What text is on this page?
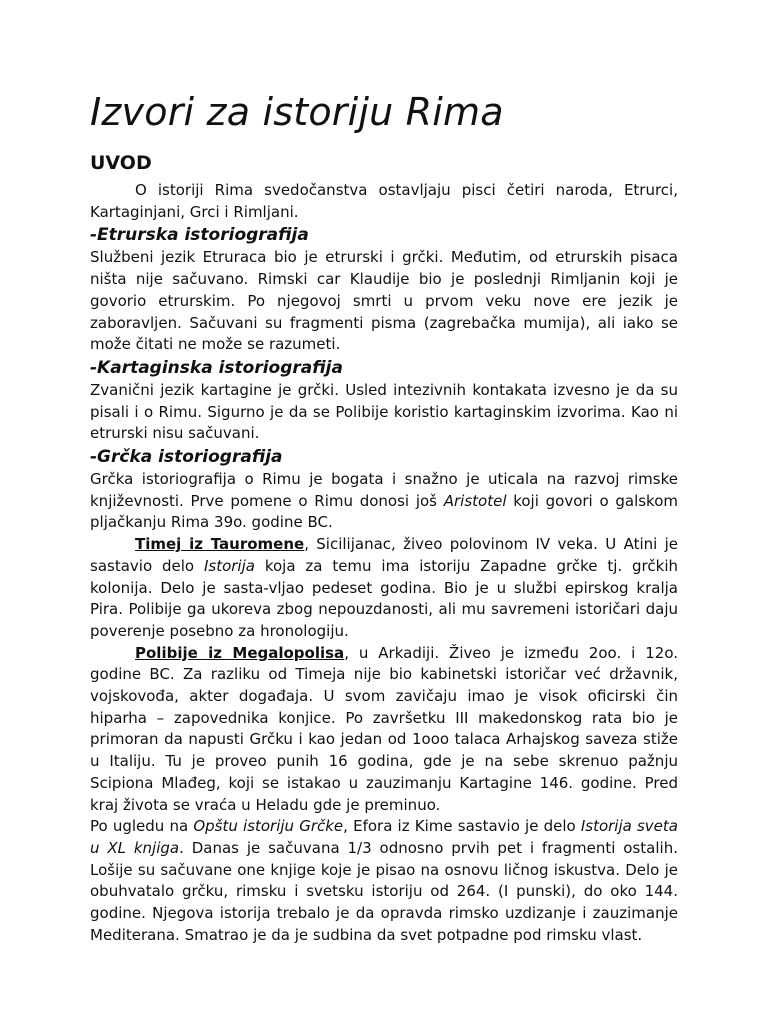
Izvori za istoriju Rima
UVOD

O istoriji Rima svedočanstva ostavljaju pisci četiri naroda, Etrurci, Kartaginjani, Grci i Rimljani.

-Etrurska istoriografija

Službeni jezik Etruraca bio je etrurski i grčki. Međutim, od etrurskih pisaca ništa nije sačuvano. Rimski car Klaudije bio je poslednji Rimljanin koji je govorio etrurskim. Po njegovoj smrti u prvom veku nove ere jezik je zaboravljen. Sačuvani su fragmenti pisma (zagrebačka mumija), ali iako se može čitati ne može se razumeti.

-Kartaginska istoriografija

Zvanični jezik kartagine je grčki. Usled intezivnih kontakata izvesno je da su pisali i o Rimu. Sigurno je da se Polibije koristio kartaginskim izvorima. Kao ni etrurski nisu sačuvani.

-Grčka istoriografija

Grčka istoriografija o Rimu je bogata i snažno je uticala na razvoj rimske književnosti. Prve pomene o Rimu donosi još Aristotel koji govori o galskom pljačkanju Rima 39o. godine BC.

Timej iz Tauromene, Sicilijanac, živeo polovinom IV veka. U Atini je sastavio delo Istorija koja za temu ima istoriju Zapadne grčke tj. grčkih kolonija. Delo je sasta-vljao pedeset godina. Bio je u službi epirskog kralja Pira. Polibije ga ukoreva zbog nepouzdanosti, ali mu savremeni istoričari daju poverenje posebno za hronologiju.

Polibije iz Megalopolisa, u Arkadiji. Živeo je između 2oo. i 12o. godine BC. Za razliku od Timeja nije bio kabinetski istoričar već državnik, vojskovođa, akter događaja. U svom zavičaju imao je visok oficirski čin hiparha – zapovednika konjice. Po završetku III makedonskog rata bio je primoran da napusti Grčku i kao jedan od 1ooo talaca Arhajskog saveza stiže u Italiju. Tu je proveo punih 16 godina, gde je na sebe skrenuo pažnju Scipiona Mlađeg, koji se istakao u zauzimanju Kartagine 146. godine. Pred kraj života se vraća u Heladu gde je preminuo.

Po ugledu na Opštu istoriju Grčke, Efora iz Kime sastavio je delo Istorija sveta u XL knjiga. Danas je sačuvana 1/3 odnosno prvih pet i fragmenti ostalih. Lošije su sačuvane one knjige koje je pisao na osnovu ličnog iskustva. Delo je obuhvatalo grčku, rimsku i svetsku istoriju od 264. (I punski), do oko 144. godine. Njegova istorija trebalo je da opravda rimsko uzdizanje i zauzimanje Mediterana. Smatrao je da je sudbina da svet potpadne pod rimsku vlast.
